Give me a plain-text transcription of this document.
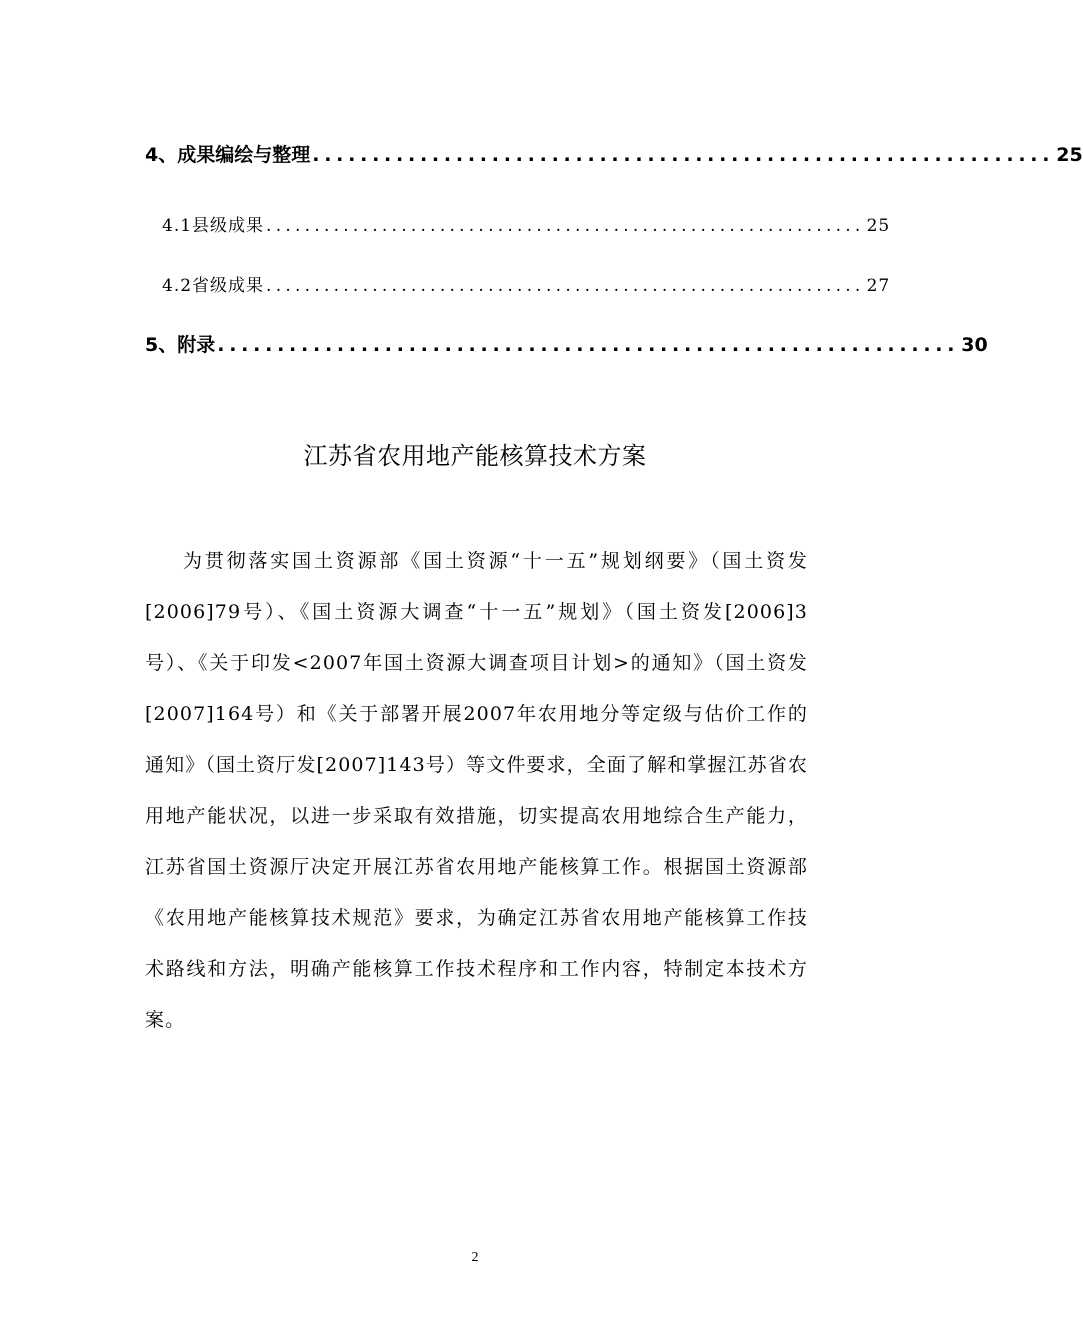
4、成果编绘与整理 .............................................................. 25
4.1县级成果 .............................................................. 25
4.2省级成果 .............................................................. 27
5、附录 .............................................................. 30
江苏省农用地产能核算技术方案

为贯彻落实国土资源部《国土资源“十一五”规划纲要》（国土资发[2006]79号）、《国土资源大调查“十一五”规划》（国土资发[2006]3号）、《关于印发<2007年国土资源大调查项目计划>的通知》（国土资发[2007]164号）和《关于部署开展2007年农用地分等定级与估价工作的通知》（国土资厅发[2007]143号）等文件要求，全面了解和掌握江苏省农用地产能状况，以进一步采取有效措施，切实提高农用地综合生产能力，江苏省国土资源厅决定开展江苏省农用地产能核算工作。根据国土资源部《农用地产能核算技术规范》要求，为确定江苏省农用地产能核算工作技术路线和方法，明确产能核算工作技术程序和工作内容，特制定本技术方案。

2
